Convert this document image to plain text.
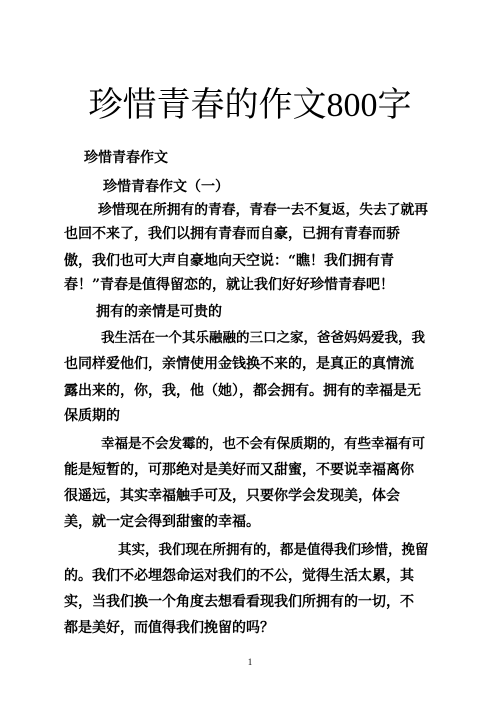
珍惜青春的作文800字
珍惜青春作文
珍惜青春作文（一）
珍惜现在所拥有的青春，青春一去不复返，失去了就再
也回不来了，我们以拥有青春而自豪，已拥有青春而骄
傲，我们也可大声自豪地向天空说：“瞧！我们拥有青
春！”青春是值得留恋的，就让我们好好珍惜青春吧！
拥有的亲情是可贵的
我生活在一个其乐融融的三口之家，爸爸妈妈爱我，我
也同样爱他们，亲情使用金钱换不来的，是真正的真情流
露出来的，你，我，他（她），都会拥有。拥有的幸福是无
保质期的
幸福是不会发霉的，也不会有保质期的，有些幸福有可
能是短暂的，可那绝对是美好而又甜蜜，不要说幸福离你
很遥远，其实幸福触手可及，只要你学会发现美，体会
美，就一定会得到甜蜜的幸福。
其实，我们现在所拥有的，都是值得我们珍惜，挽留
的。我们不必埋怨命运对我们的不公，觉得生活太累，其
实，当我们换一个角度去想看看现我们所拥有的一切，不
都是美好，而值得我们挽留的吗？
1
